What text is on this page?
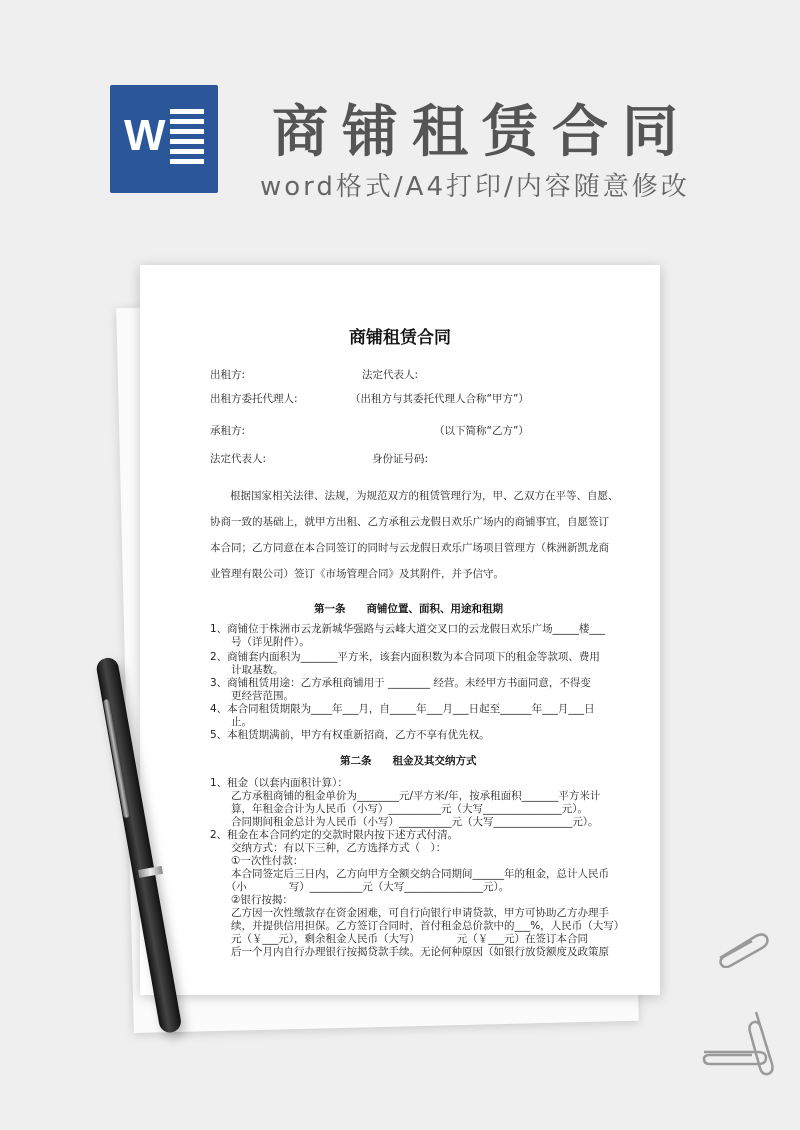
W 商铺租赁合同
word格式/A4打印/内容随意修改
商铺租赁合同
出租方:	法定代表人:
出租方委托代理人:	（出租方与其委托代理人合称“甲方”）
承租方:	（以下简称“乙方”）
法定代表人:	身份证号码:
根据国家相关法律、法规，为规范双方的租赁管理行为，甲、乙双方在平等、自愿、
协商一致的基础上，就甲方出租、乙方承租云龙假日欢乐广场内的商铺事宜，自愿签订
本合同；乙方同意在本合同签订的同时与云龙假日欢乐广场项目管理方（株洲新凯龙商
业管理有限公司）签订《市场管理合同》及其附件，并予信守。
第一条　　商铺位置、面积、用途和租期
1、商铺位于株洲市云龙新城华强路与云峰大道交叉口的云龙假日欢乐广场_____楼___
　　号（详见附件）。
2、商铺套内面积为_______平方米，该套内面积数为本合同项下的租金等款项、费用
　　计取基数。
3、商铺租赁用途：乙方承租商铺用于 ________ 经营。未经甲方书面同意，不得变
　　更经营范围。
4、本合同租赁期限为____年___月，自_____年___月___日起至______年___月___日
　　止。
5、本租赁期满前，甲方有权重新招商，乙方不享有优先权。
第二条　　租金及其交纳方式
1、租金（以套内面积计算）：
　　乙方承租商铺的租金单价为________元/平方米/年，按承租面积_______平方米计
　　算，年租金合计为人民币（小写）__________元（大写_______________元）。
　　合同期间租金总计为人民币（小写）__________元（大写_______________元）。
2、租金在本合同约定的交款时限内按下述方式付清。
　　交纳方式：有以下三种，乙方选择方式（　）：
　　①一次性付款：
　　本合同签定后三日内，乙方向甲方全额交纳合同期间______年的租金，总计人民币
　　（小　　　　写）__________元（大写_______________元）。
　　②银行按揭：
　　乙方因一次性缴款存在资金困难，可自行向银行申请贷款，甲方可协助乙方办理手
　　续，并提供信用担保。乙方签订合同时，首付租金总价款中的___%，人民币（大写）
　　元（￥___元），剩余租金人民币（大写）　　　　元（￥___元）在签订本合同
　　后一个月内自行办理银行按揭贷款手续。无论何种原因（如银行放贷额度及政策原
